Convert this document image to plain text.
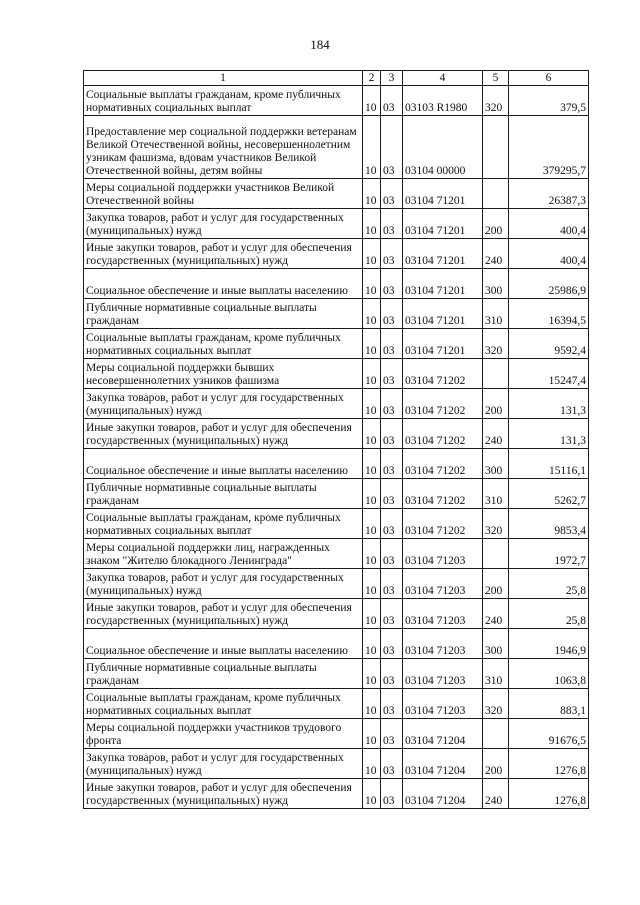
184
1	2	3	4	5	6
Социальные выплаты гражданам, кроме публичных нормативных социальных выплат	10	03	03103 R1980	320	379,5
Предоставление мер социальной поддержки ветеранам Великой Отечественной войны, несовершеннолетним узникам фашизма, вдовам участников Великой Отечественной войны, детям войны	10	03	03104 00000		379295,7
Меры социальной поддержки участников Великой Отечественной войны	10	03	03104 71201		26387,3
Закупка товаров, работ и услуг для государственных (муниципальных) нужд	10	03	03104 71201	200	400,4
Иные закупки товаров, работ и услуг для обеспечения государственных (муниципальных) нужд	10	03	03104 71201	240	400,4
Социальное обеспечение и иные выплаты населению	10	03	03104 71201	300	25986,9
Публичные нормативные социальные выплаты гражданам	10	03	03104 71201	310	16394,5
Социальные выплаты гражданам, кроме публичных нормативных социальных выплат	10	03	03104 71201	320	9592,4
Меры социальной поддержки бывших несовершеннолетних узников фашизма	10	03	03104 71202		15247,4
Закупка товаров, работ и услуг для государственных (муниципальных) нужд	10	03	03104 71202	200	131,3
Иные закупки товаров, работ и услуг для обеспечения государственных (муниципальных) нужд	10	03	03104 71202	240	131,3
Социальное обеспечение и иные выплаты населению	10	03	03104 71202	300	15116,1
Публичные нормативные социальные выплаты гражданам	10	03	03104 71202	310	5262,7
Социальные выплаты гражданам, кроме публичных нормативных социальных выплат	10	03	03104 71202	320	9853,4
Меры социальной поддержки лиц, награжденных знаком "Жителю блокадного Ленинграда"	10	03	03104 71203		1972,7
Закупка товаров, работ и услуг для государственных (муниципальных) нужд	10	03	03104 71203	200	25,8
Иные закупки товаров, работ и услуг для обеспечения государственных (муниципальных) нужд	10	03	03104 71203	240	25,8
Социальное обеспечение и иные выплаты населению	10	03	03104 71203	300	1946,9
Публичные нормативные социальные выплаты гражданам	10	03	03104 71203	310	1063,8
Социальные выплаты гражданам, кроме публичных нормативных социальных выплат	10	03	03104 71203	320	883,1
Меры социальной поддержки участников трудового фронта	10	03	03104 71204		91676,5
Закупка товаров, работ и услуг для государственных (муниципальных) нужд	10	03	03104 71204	200	1276,8
Иные закупки товаров, работ и услуг для обеспечения государственных (муниципальных) нужд	10	03	03104 71204	240	1276,8
